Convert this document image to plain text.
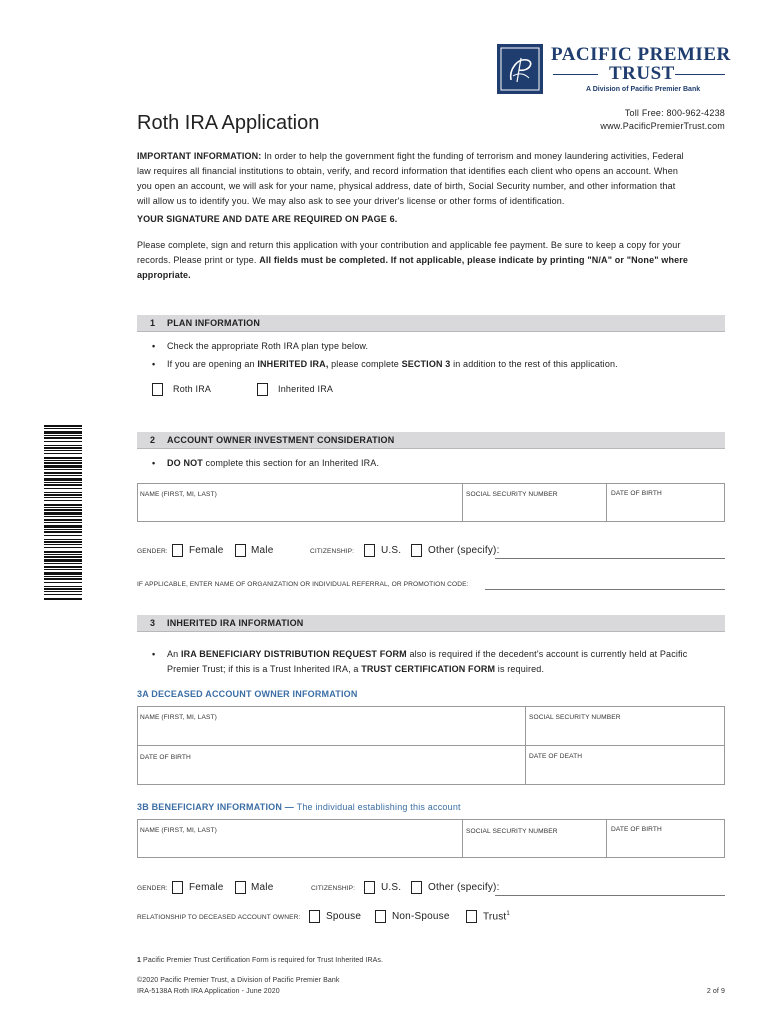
PACIFIC PREMIER
TRUST
A Division of Pacific Premier Bank
Roth IRA Application	Toll Free: 800-962-4238
www.PacificPremierTrust.com
IMPORTANT INFORMATION: In order to help the government fight the funding of terrorism and money laundering activities, Federal
law requires all financial institutions to obtain, verify, and record information that identifies each client who opens an account. When
you open an account, we will ask for your name, physical address, date of birth, Social Security number, and other information that
will allow us to identify you. We may also ask to see your driver's license or other forms of identification.
YOUR SIGNATURE AND DATE ARE REQUIRED ON PAGE 6.
Please complete, sign and return this application with your contribution and applicable fee payment. Be sure to keep a copy for your
records. Please print or type. All fields must be completed. If not applicable, please indicate by printing "N/A" or "None" where
appropriate.
1 PLAN INFORMATION
• Check the appropriate Roth IRA plan type below.
• If you are opening an INHERITED IRA, please complete SECTION 3 in addition to the rest of this application.
Roth IRA	Inherited IRA
2 ACCOUNT OWNER INVESTMENT CONSIDERATION
• DO NOT complete this section for an Inherited IRA.
NAME (FIRST, MI, LAST)	SOCIAL SECURITY NUMBER	DATE OF BIRTH
GENDER: Female	Male	CITIZENSHIP:	U.S.	Other (specify):
IF APPLICABLE, ENTER NAME OF ORGANIZATION OR INDIVIDUAL REFERRAL, OR PROMOTION CODE:
3 INHERITED IRA INFORMATION
• An IRA BENEFICIARY DISTRIBUTION REQUEST FORM also is required if the decedent's account is currently held at Pacific
Premier Trust; if this is a Trust Inherited IRA, a TRUST CERTIFICATION FORM is required.
3A DECEASED ACCOUNT OWNER INFORMATION
NAME (FIRST, MI, LAST)	SOCIAL SECURITY NUMBER
DATE OF BIRTH	DATE OF DEATH
3B BENEFICIARY INFORMATION — The individual establishing this account
NAME (FIRST, MI, LAST)	SOCIAL SECURITY NUMBER	DATE OF BIRTH
GENDER: Female	Male	CITIZENSHIP:	U.S.	Other (specify):
RELATIONSHIP TO DECEASED ACCOUNT OWNER:	Spouse	Non-Spouse	Trust$^1$
1 Pacific Premier Trust Certification Form is required for Trust Inherited IRAs.
©2020 Pacific Premier Trust, a Division of Pacific Premier Bank
IRA-5138A Roth IRA Application - June 2020	2 of 9
